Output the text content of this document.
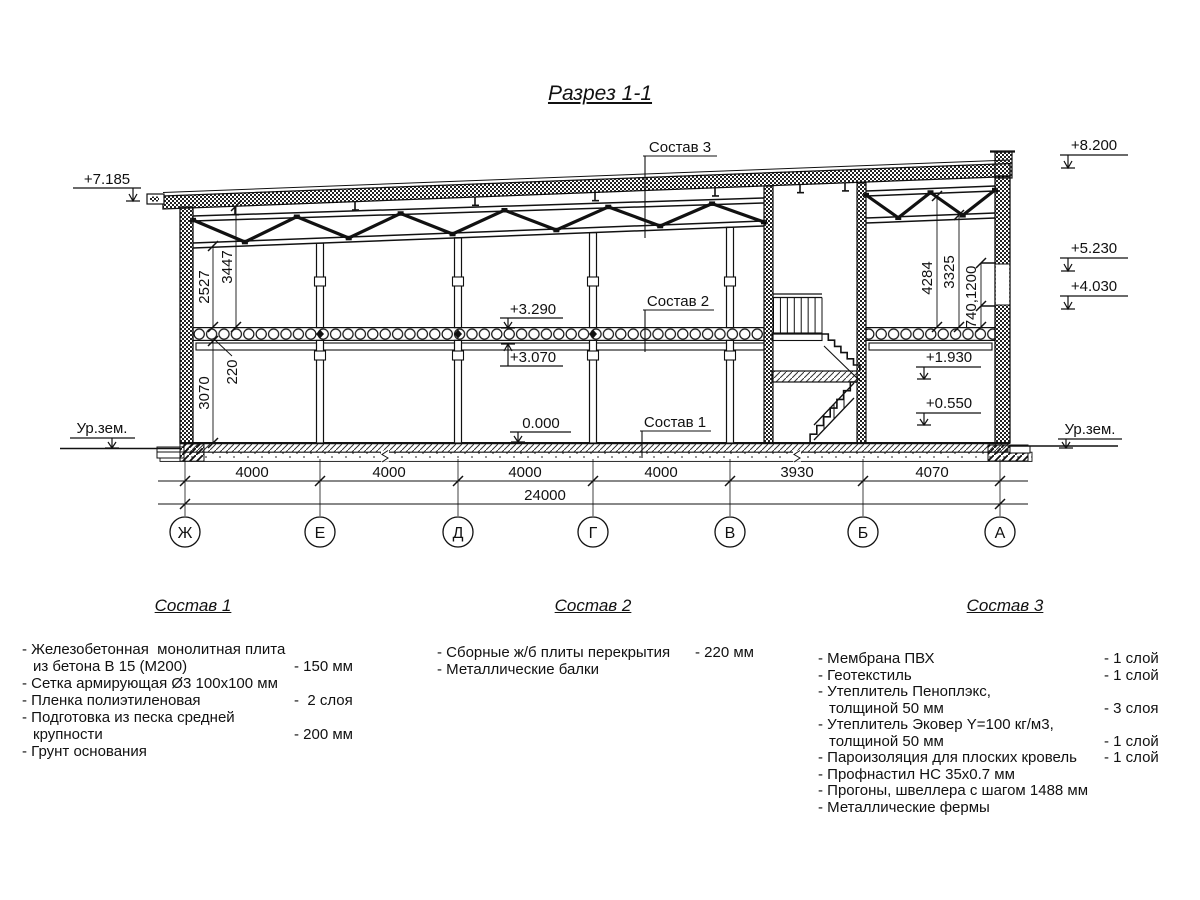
+7.185
+8.200
+5.230
+4.030
Ур.зем.
Ур.зем.
+3.290
+3.070
0.000
+1.930
+0.550
Состав 3
Состав 2
Состав 1
2527
3447
220
3070
4284 3325 740,1200
4000	4000	4000	4000	3930	4070
24000
Ж	Е	Д	Г	В	Б	А
Разрез 1-1
Состав 1	Состав 2	Состав 3
- Железобетонная  монолитная плита
из бетона В 15 (М200)	- 150 мм
- Сетка армирующая Ø3 100x100 мм
- Пленка полиэтиленовая	-  2 слоя
- Подготовка из песка средней
крупности	- 200 мм
- Грунт основания
- Сборные ж/б плиты перекрытия - 220 мм
- Металлические балки
- Мембрана ПВХ	- 1 слой
- Геотекстиль	- 1 слой
- Утеплитель Пеноплэкс,
толщиной 50 мм	- 3 слоя
- Утеплитель Эковер Y=100 кг/м3,
толщиной 50 мм	- 1 слой
- Пароизоляция для плоских кровель - 1 слой
- Профнастил НС 35x0.7 мм
- Прогоны, швеллера с шагом 1488 мм
- Металлические фермы
